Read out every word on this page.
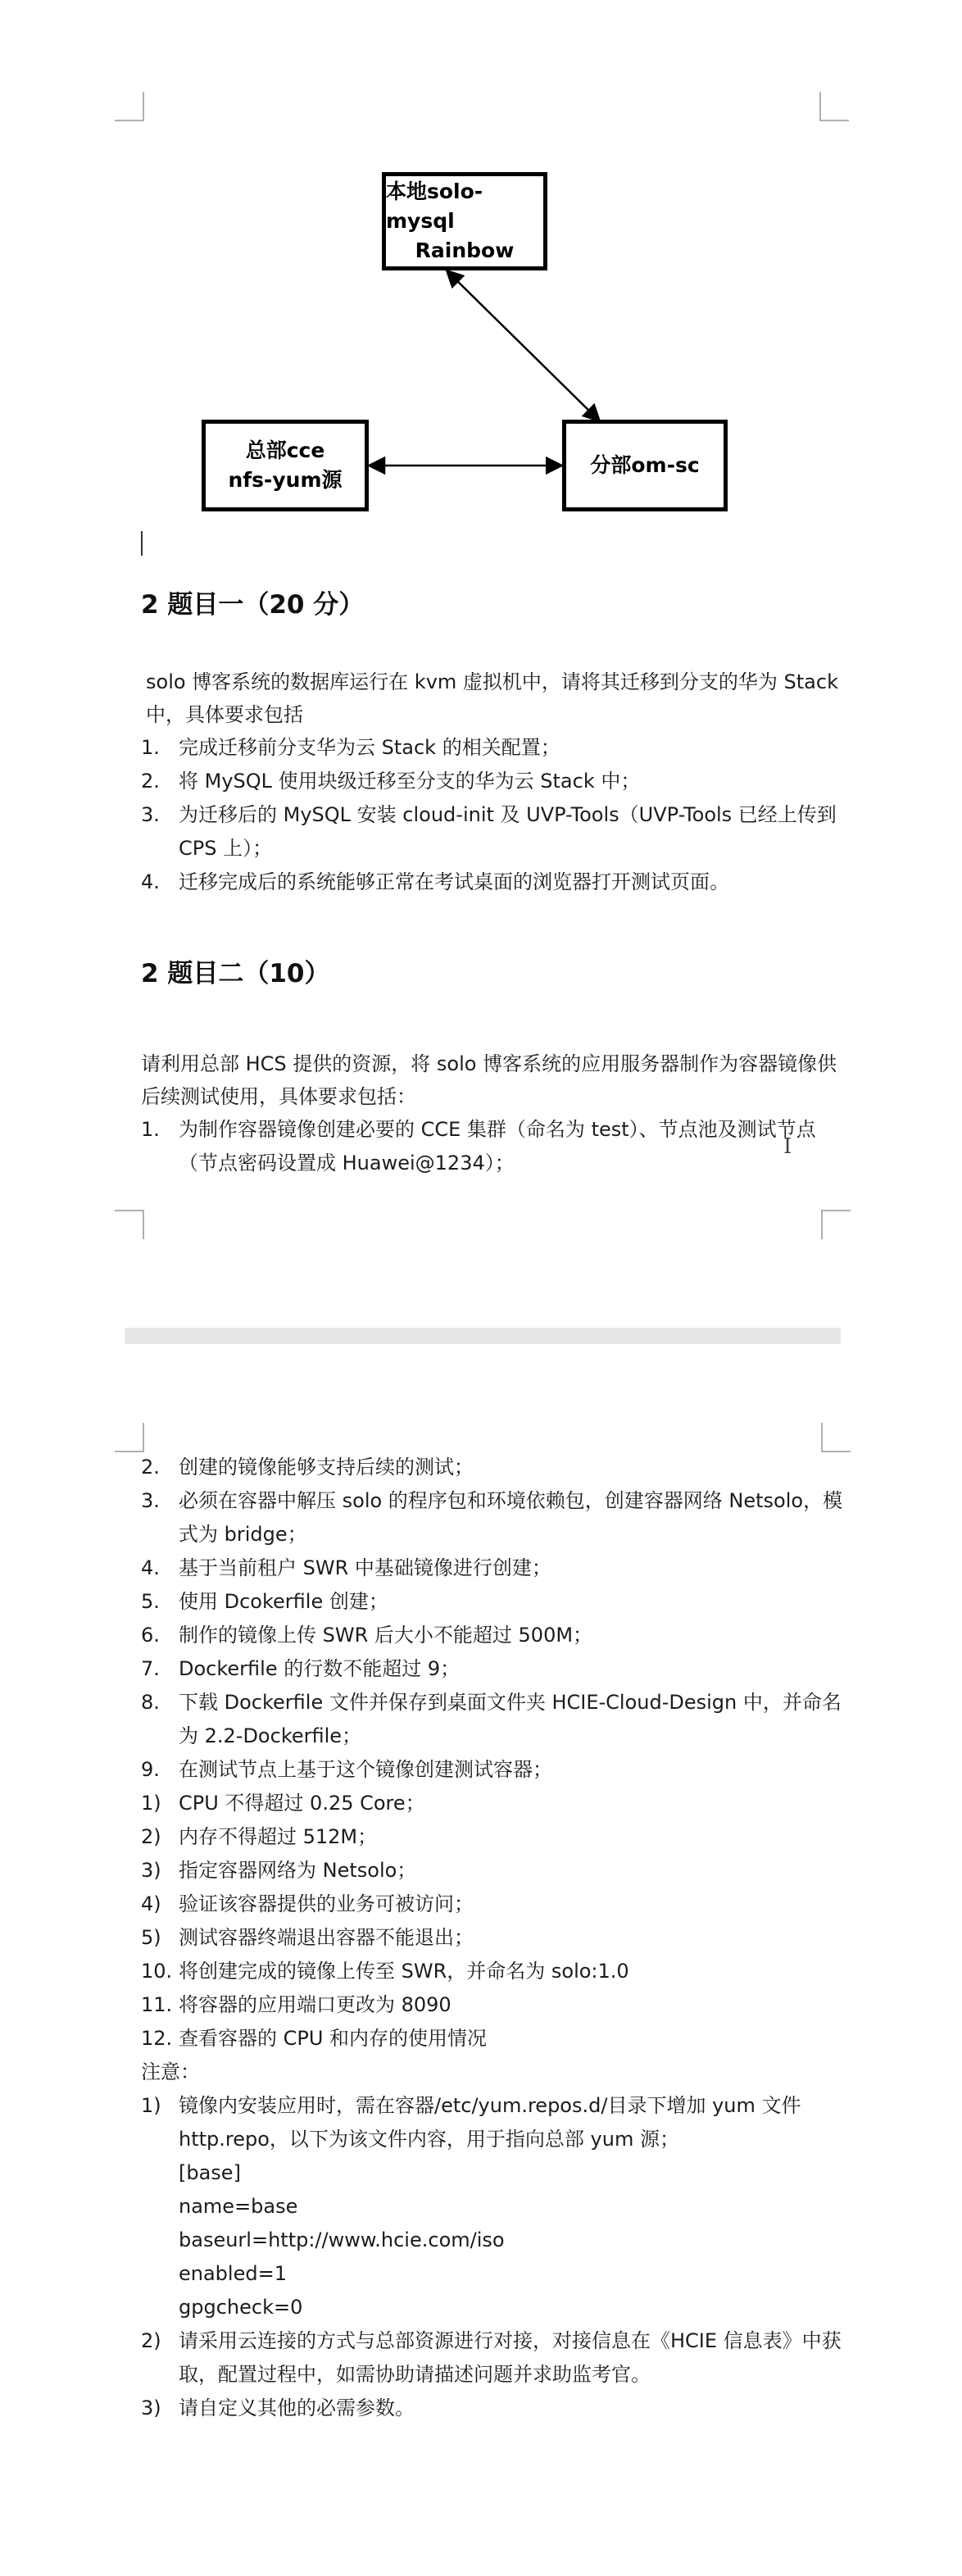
本地solo-mysql
Rainbow
总部cce
nfs-yum源
分部om-sc
2 题目一（20 分）

solo 博客系统的数据库运行在 kvm 虚拟机中，请将其迁移到分支的华为 Stack 中，具体要求包括

1. 完成迁移前分支华为云 Stack 的相关配置；
2. 将 MySQL 使用块级迁移至分支的华为云 Stack 中；
3. 为迁移后的 MySQL 安装 cloud-init 及 UVP-Tools（UVP-Tools 已经上传到 CPS 上）；
4. 迁移完成后的系统能够正常在考试桌面的浏览器打开测试页面。
2 题目二（10）

请利用总部 HCS 提供的资源，将 solo 博客系统的应用服务器制作为容器镜像供后续测试使用，具体要求包括：

1. 为制作容器镜像创建必要的 CCE 集群（命名为 test）、节点池及测试节点（节点密码设置成 Huawei@1234）；
I
2. 创建的镜像能够支持后续的测试；
3. 必须在容器中解压 solo 的程序包和环境依赖包，创建容器网络 Netsolo，模式为 bridge；
4. 基于当前租户 SWR 中基础镜像进行创建；
5. 使用 Dcokerfile 创建；
6. 制作的镜像上传 SWR 后大小不能超过 500M；
7. Dockerfile 的行数不能超过 9；
8. 下载 Dockerfile 文件并保存到桌面文件夹 HCIE-Cloud-Design 中，并命名为 2.2-Dockerfile；
9. 在测试节点上基于这个镜像创建测试容器；
1) CPU 不得超过 0.25 Core；
2) 内存不得超过 512M；
3) 指定容器网络为 Netsolo；
4) 验证该容器提供的业务可被访问；
5) 测试容器终端退出容器不能退出；
10. 将创建完成的镜像上传至 SWR，并命名为 solo:1.0
11. 将容器的应用端口更改为 8090
12. 查看容器的 CPU 和内存的使用情况
注意：
1) 镜像内安装应用时，需在容器/etc/yum.repos.d/目录下增加 yum 文件 http.repo，以下为该文件内容，用于指向总部 yum 源；
[base]
name=base
baseurl=http://www.hcie.com/iso
enabled=1
gpgcheck=0
2) 请采用云连接的方式与总部资源进行对接，对接信息在《HCIE 信息表》中获取，配置过程中，如需协助请描述问题并求助监考官。
3) 请自定义其他的必需参数。
